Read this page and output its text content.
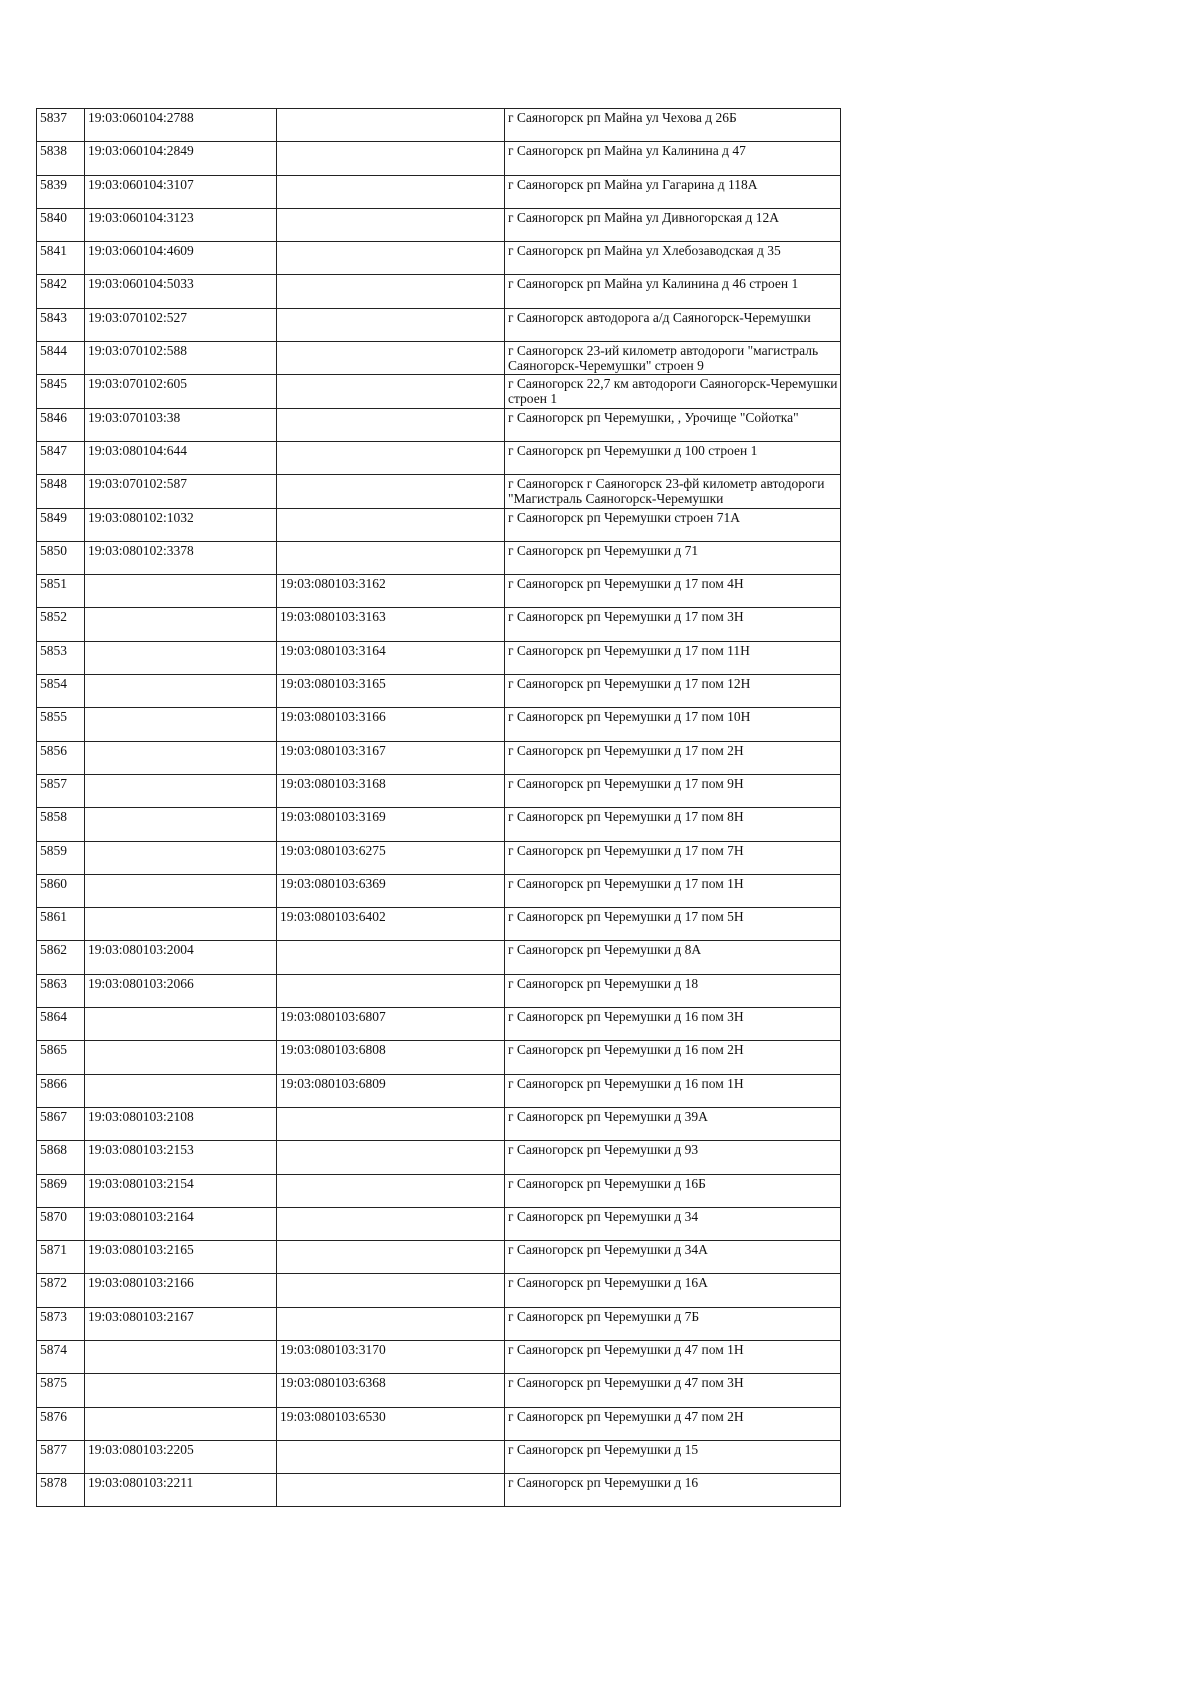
5837	19:03:060104:2788		г Саяногорск рп Майна ул Чехова д 26Б

5838	19:03:060104:2849		г Саяногорск рп Майна ул Калинина д 47

5839	19:03:060104:3107		г Саяногорск рп Майна ул Гагарина д 118А

5840	19:03:060104:3123		г Саяногорск рп Майна ул Дивногорская д 12А

5841	19:03:060104:4609		г Саяногорск рп Майна ул Хлебозаводская д 35

5842	19:03:060104:5033		г Саяногорск рп Майна ул Калинина д 46 строен 1

5843	19:03:070102:527		г Саяногорск автодорога а/д Саяногорск-Черемушки

5844	19:03:070102:588		г Саяногорск 23-ий километр автодороги "магистраль Саяногорск-Черемушки" строен 9

5845	19:03:070102:605		г Саяногорск 22,7 км автодороги Саяногорск-Черемушки строен 1

5846	19:03:070103:38		г Саяногорск рп Черемушки, , Урочище "Сойотка"

5847	19:03:080104:644		г Саяногорск рп Черемушки д 100 строен 1

5848	19:03:070102:587		г Саяногорск г Саяногорск 23-фй километр автодороги "Магистраль Саяногорск-Черемушки

5849	19:03:080102:1032		г Саяногорск рп Черемушки строен 71А

5850	19:03:080102:3378		г Саяногорск рп Черемушки д 71

5851		19:03:080103:3162	г Саяногорск рп Черемушки д 17 пом 4Н

5852		19:03:080103:3163	г Саяногорск рп Черемушки д 17 пом 3Н

5853		19:03:080103:3164	г Саяногорск рп Черемушки д 17 пом 11Н

5854		19:03:080103:3165	г Саяногорск рп Черемушки д 17 пом 12Н

5855		19:03:080103:3166	г Саяногорск рп Черемушки д 17 пом 10Н

5856		19:03:080103:3167	г Саяногорск рп Черемушки д 17 пом 2Н

5857		19:03:080103:3168	г Саяногорск рп Черемушки д 17 пом 9Н

5858		19:03:080103:3169	г Саяногорск рп Черемушки д 17 пом 8Н

5859		19:03:080103:6275	г Саяногорск рп Черемушки д 17 пом 7Н

5860		19:03:080103:6369	г Саяногорск рп Черемушки д 17 пом 1Н

5861		19:03:080103:6402	г Саяногорск рп Черемушки д 17 пом 5Н

5862	19:03:080103:2004		г Саяногорск рп Черемушки д 8А

5863	19:03:080103:2066		г Саяногорск рп Черемушки д 18

5864		19:03:080103:6807	г Саяногорск рп Черемушки д 16 пом 3Н

5865		19:03:080103:6808	г Саяногорск рп Черемушки д 16 пом 2Н

5866		19:03:080103:6809	г Саяногорск рп Черемушки д 16 пом 1Н

5867	19:03:080103:2108		г Саяногорск рп Черемушки д 39А

5868	19:03:080103:2153		г Саяногорск рп Черемушки д 93

5869	19:03:080103:2154		г Саяногорск рп Черемушки д 16Б

5870	19:03:080103:2164		г Саяногорск рп Черемушки д 34

5871	19:03:080103:2165		г Саяногорск рп Черемушки д 34А

5872	19:03:080103:2166		г Саяногорск рп Черемушки д 16А

5873	19:03:080103:2167		г Саяногорск рп Черемушки д 7Б

5874		19:03:080103:3170	г Саяногорск рп Черемушки д 47 пом 1Н

5875		19:03:080103:6368	г Саяногорск рп Черемушки д 47 пом 3Н

5876		19:03:080103:6530	г Саяногорск рп Черемушки д 47 пом 2Н

5877	19:03:080103:2205		г Саяногорск рп Черемушки д 15

5878	19:03:080103:2211		г Саяногорск рп Черемушки д 16
